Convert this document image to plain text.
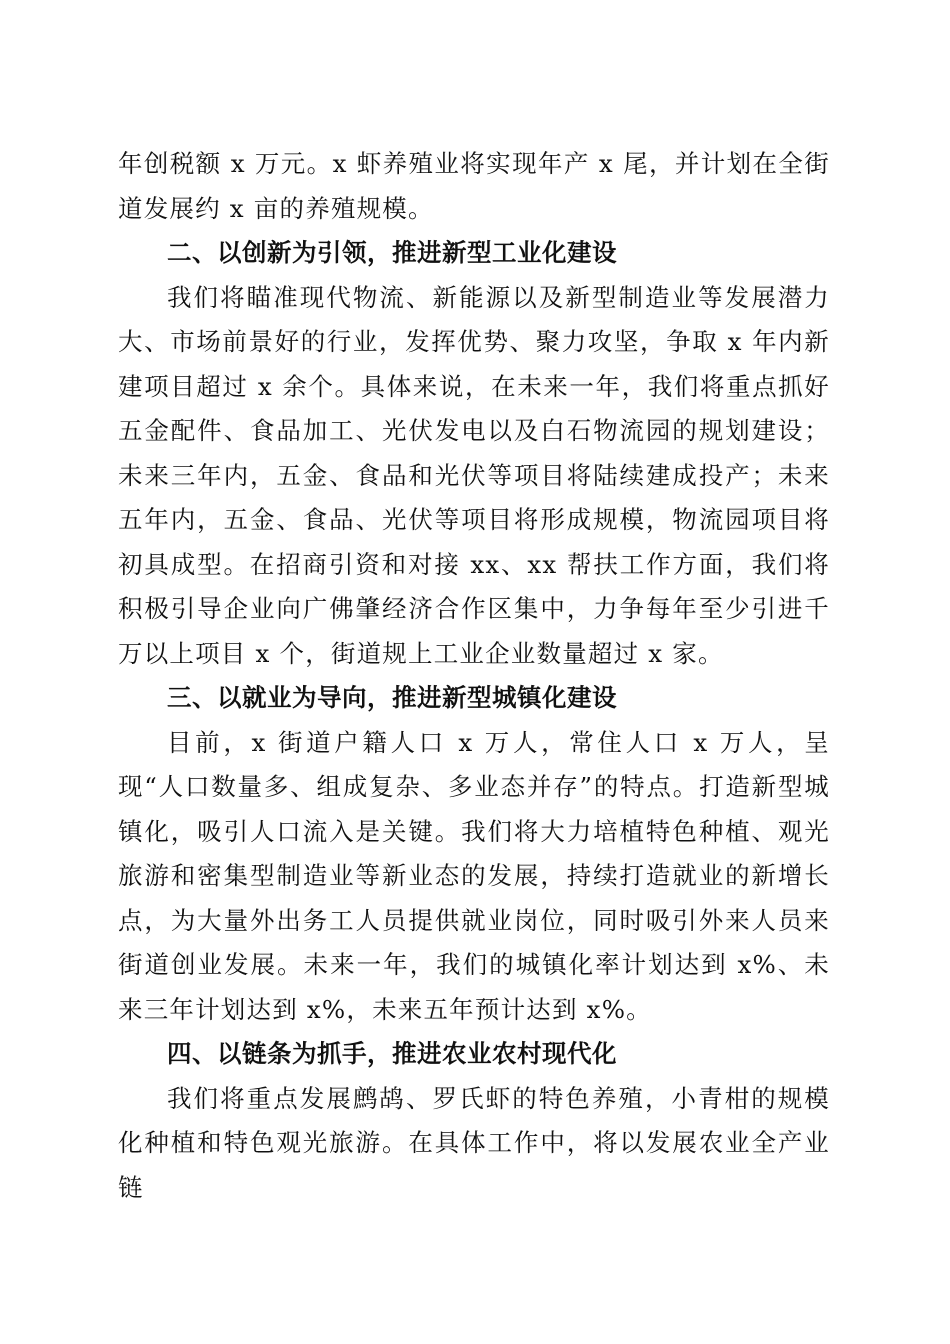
年创税额 x 万元。x 虾养殖业将实现年产 x 尾，并计划在全街道发展约 x 亩的养殖规模。

二、以创新为引领，推进新型工业化建设

我们将瞄准现代物流、新能源以及新型制造业等发展潜力大、市场前景好的行业，发挥优势、聚力攻坚，争取 x 年内新建项目超过 x 余个。具体来说，在未来一年，我们将重点抓好五金配件、食品加工、光伏发电以及白石物流园的规划建设；未来三年内，五金、食品和光伏等项目将陆续建成投产；未来五年内，五金、食品、光伏等项目将形成规模，物流园项目将初具成型。在招商引资和对接 xx、xx 帮扶工作方面，我们将积极引导企业向广佛肇经济合作区集中，力争每年至少引进千万以上项目 x 个，街道规上工业企业数量超过 x 家。

三、以就业为导向，推进新型城镇化建设

目前，x 街道户籍人口 x 万人，常住人口 x 万人，呈现“人口数量多、组成复杂、多业态并存”的特点。打造新型城镇化，吸引人口流入是关键。我们将大力培植特色种植、观光旅游和密集型制造业等新业态的发展，持续打造就业的新增长点，为大量外出务工人员提供就业岗位，同时吸引外来人员来街道创业发展。未来一年，我们的城镇化率计划达到 x%、未来三年计划达到 x%，未来五年预计达到 x%。

四、以链条为抓手，推进农业农村现代化

我们将重点发展鹧鸪、罗氏虾的特色养殖，小青柑的规模化种植和特色观光旅游。在具体工作中，将以发展农业全产业链
